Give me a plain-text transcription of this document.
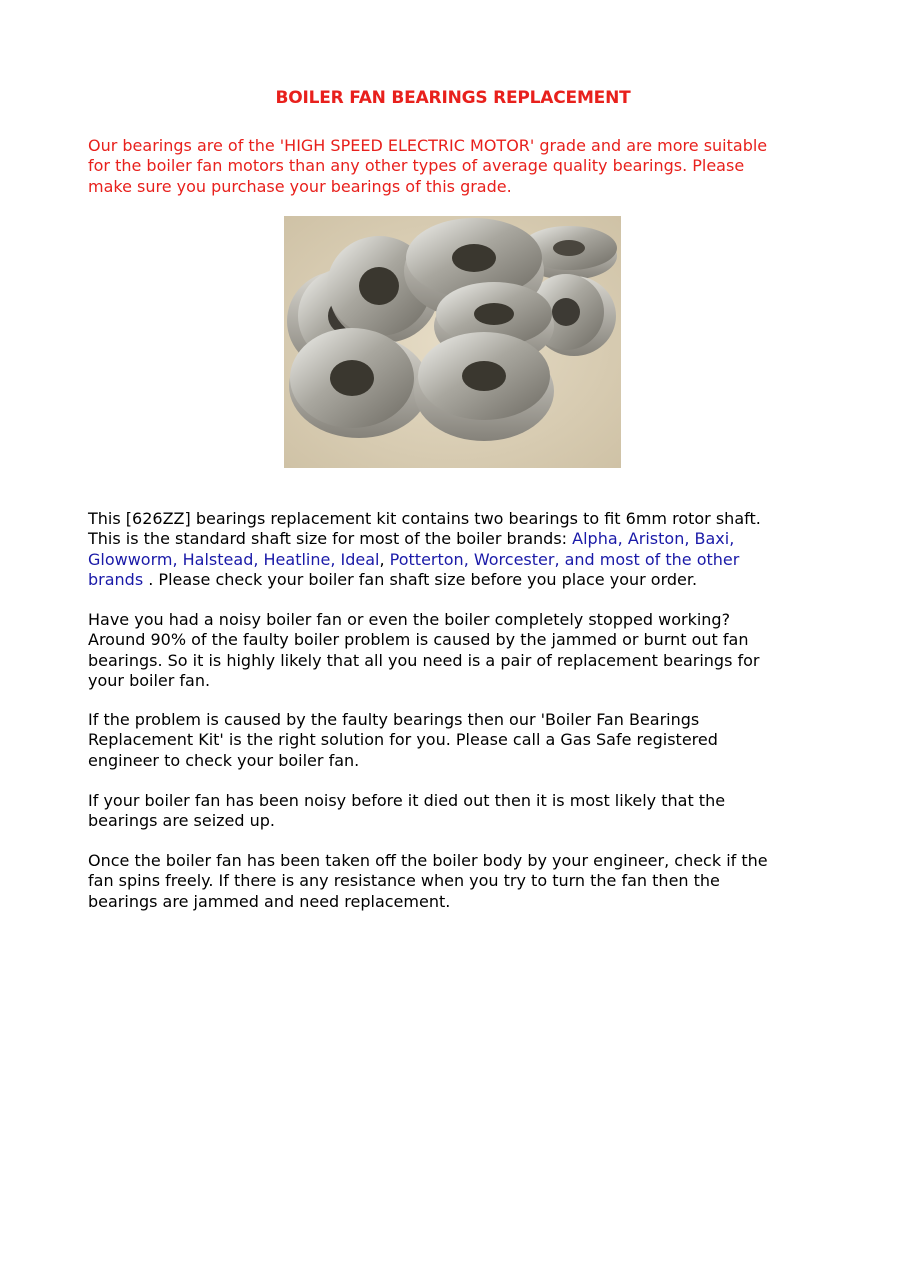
BOILER FAN BEARINGS REPLACEMENT
Our bearings are of the 'HIGH SPEED ELECTRIC MOTOR' grade and are more suitable
for the boiler fan motors than any other types of average quality bearings. Please
make sure you purchase your bearings of this grade.
This [626ZZ] bearings replacement kit contains two bearings to fit 6mm rotor shaft.
This is the standard shaft size for most of the boiler brands: Alpha, Ariston, Baxi,
Glowworm, Halstead, Heatline, Ideal, Potterton, Worcester, and most of the other
brands . Please check your boiler fan shaft size before you place your order.
Have you had a noisy boiler fan or even the boiler completely stopped working?
Around 90% of the faulty boiler problem is caused by the jammed or burnt out fan
bearings. So it is highly likely that all you need is a pair of replacement bearings for
your boiler fan.
If the problem is caused by the faulty bearings then our 'Boiler Fan Bearings
Replacement Kit' is the right solution for you. Please call a Gas Safe registered
engineer to check your boiler fan.
If your boiler fan has been noisy before it died out then it is most likely that the
bearings are seized up.
Once the boiler fan has been taken off the boiler body by your engineer, check if the
fan spins freely. If there is any resistance when you try to turn the fan then the
bearings are jammed and need replacement.
